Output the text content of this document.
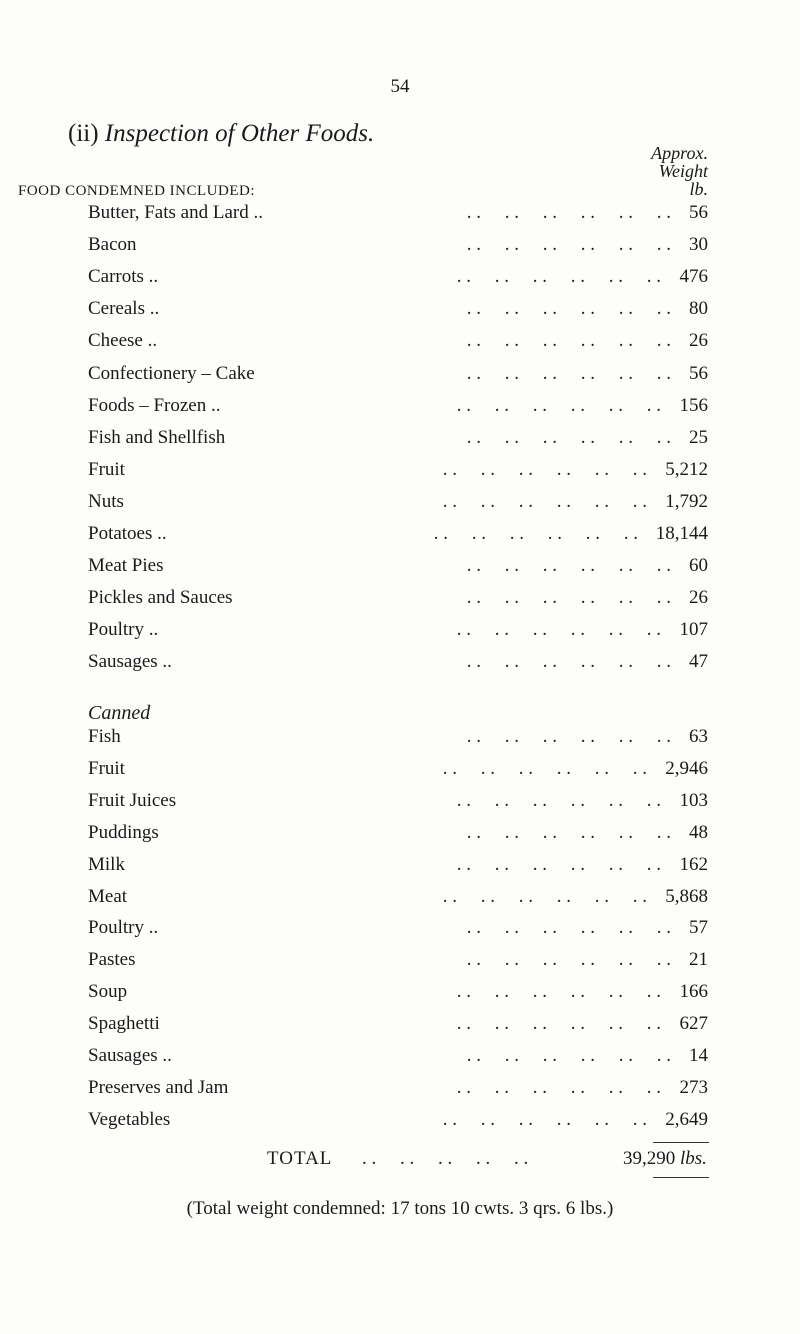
54
(ii) Inspection of Other Foods.
Approx.
Weight
lb.
FOOD CONDEMNED INCLUDED:
Butter, Fats and Lard ..	. .     . .     . .     . .     . .     . . 56
Bacon	. .     . .     . .     . .     . .     . . 30
Carrots ..	. .     . .     . .     . .     . .     . . 476
Cereals ..	. .     . .     . .     . .     . .     . . 80
Cheese ..	. .     . .     . .     . .     . .     . . 26
Confectionery – Cake	. .     . .     . .     . .     . .     . . 56
Foods – Frozen ..	. .     . .     . .     . .     . .     . . 156
Fish and Shellfish	. .     . .     . .     . .     . .     . . 25
Fruit	. .     . .     . .     . .     . .     . . 5,212
Nuts	. .     . .     . .     . .     . .     . . 1,792
Potatoes ..	. .     . .     . .     . .     . .     . . 18,144
Meat Pies	. .     . .     . .     . .     . .     . . 60
Pickles and Sauces	. .     . .     . .     . .     . .     . . 26
Poultry ..	. .     . .     . .     . .     . .     . . 107
Sausages ..	. .     . .     . .     . .     . .     . . 47
Fish	. .     . .     . .     . .     . .     . . 63
Fruit	. .     . .     . .     . .     . .     . . 2,946
Fruit Juices	. .     . .     . .     . .     . .     . . 103
Puddings	. .     . .     . .     . .     . .     . . 48
Milk	. .     . .     . .     . .     . .     . . 162
Meat	. .     . .     . .     . .     . .     . . 5,868
Poultry ..	. .     . .     . .     . .     . .     . . 57
Pastes	. .     . .     . .     . .     . .     . . 21
Soup	. .     . .     . .     . .     . .     . . 166
Spaghetti	. .     . .     . .     . .     . .     . . 627
Sausages ..	. .     . .     . .     . .     . .     . . 14
Preserves and Jam	. .     . .     . .     . .     . .     . . 273
Vegetables	. .     . .     . .     . .     . .     . . 2,649
Canned
TOTAL . .     . .     . .     . .     . .	39,290 lbs.
(Total weight condemned: 17 tons 10 cwts. 3 qrs. 6 lbs.)
